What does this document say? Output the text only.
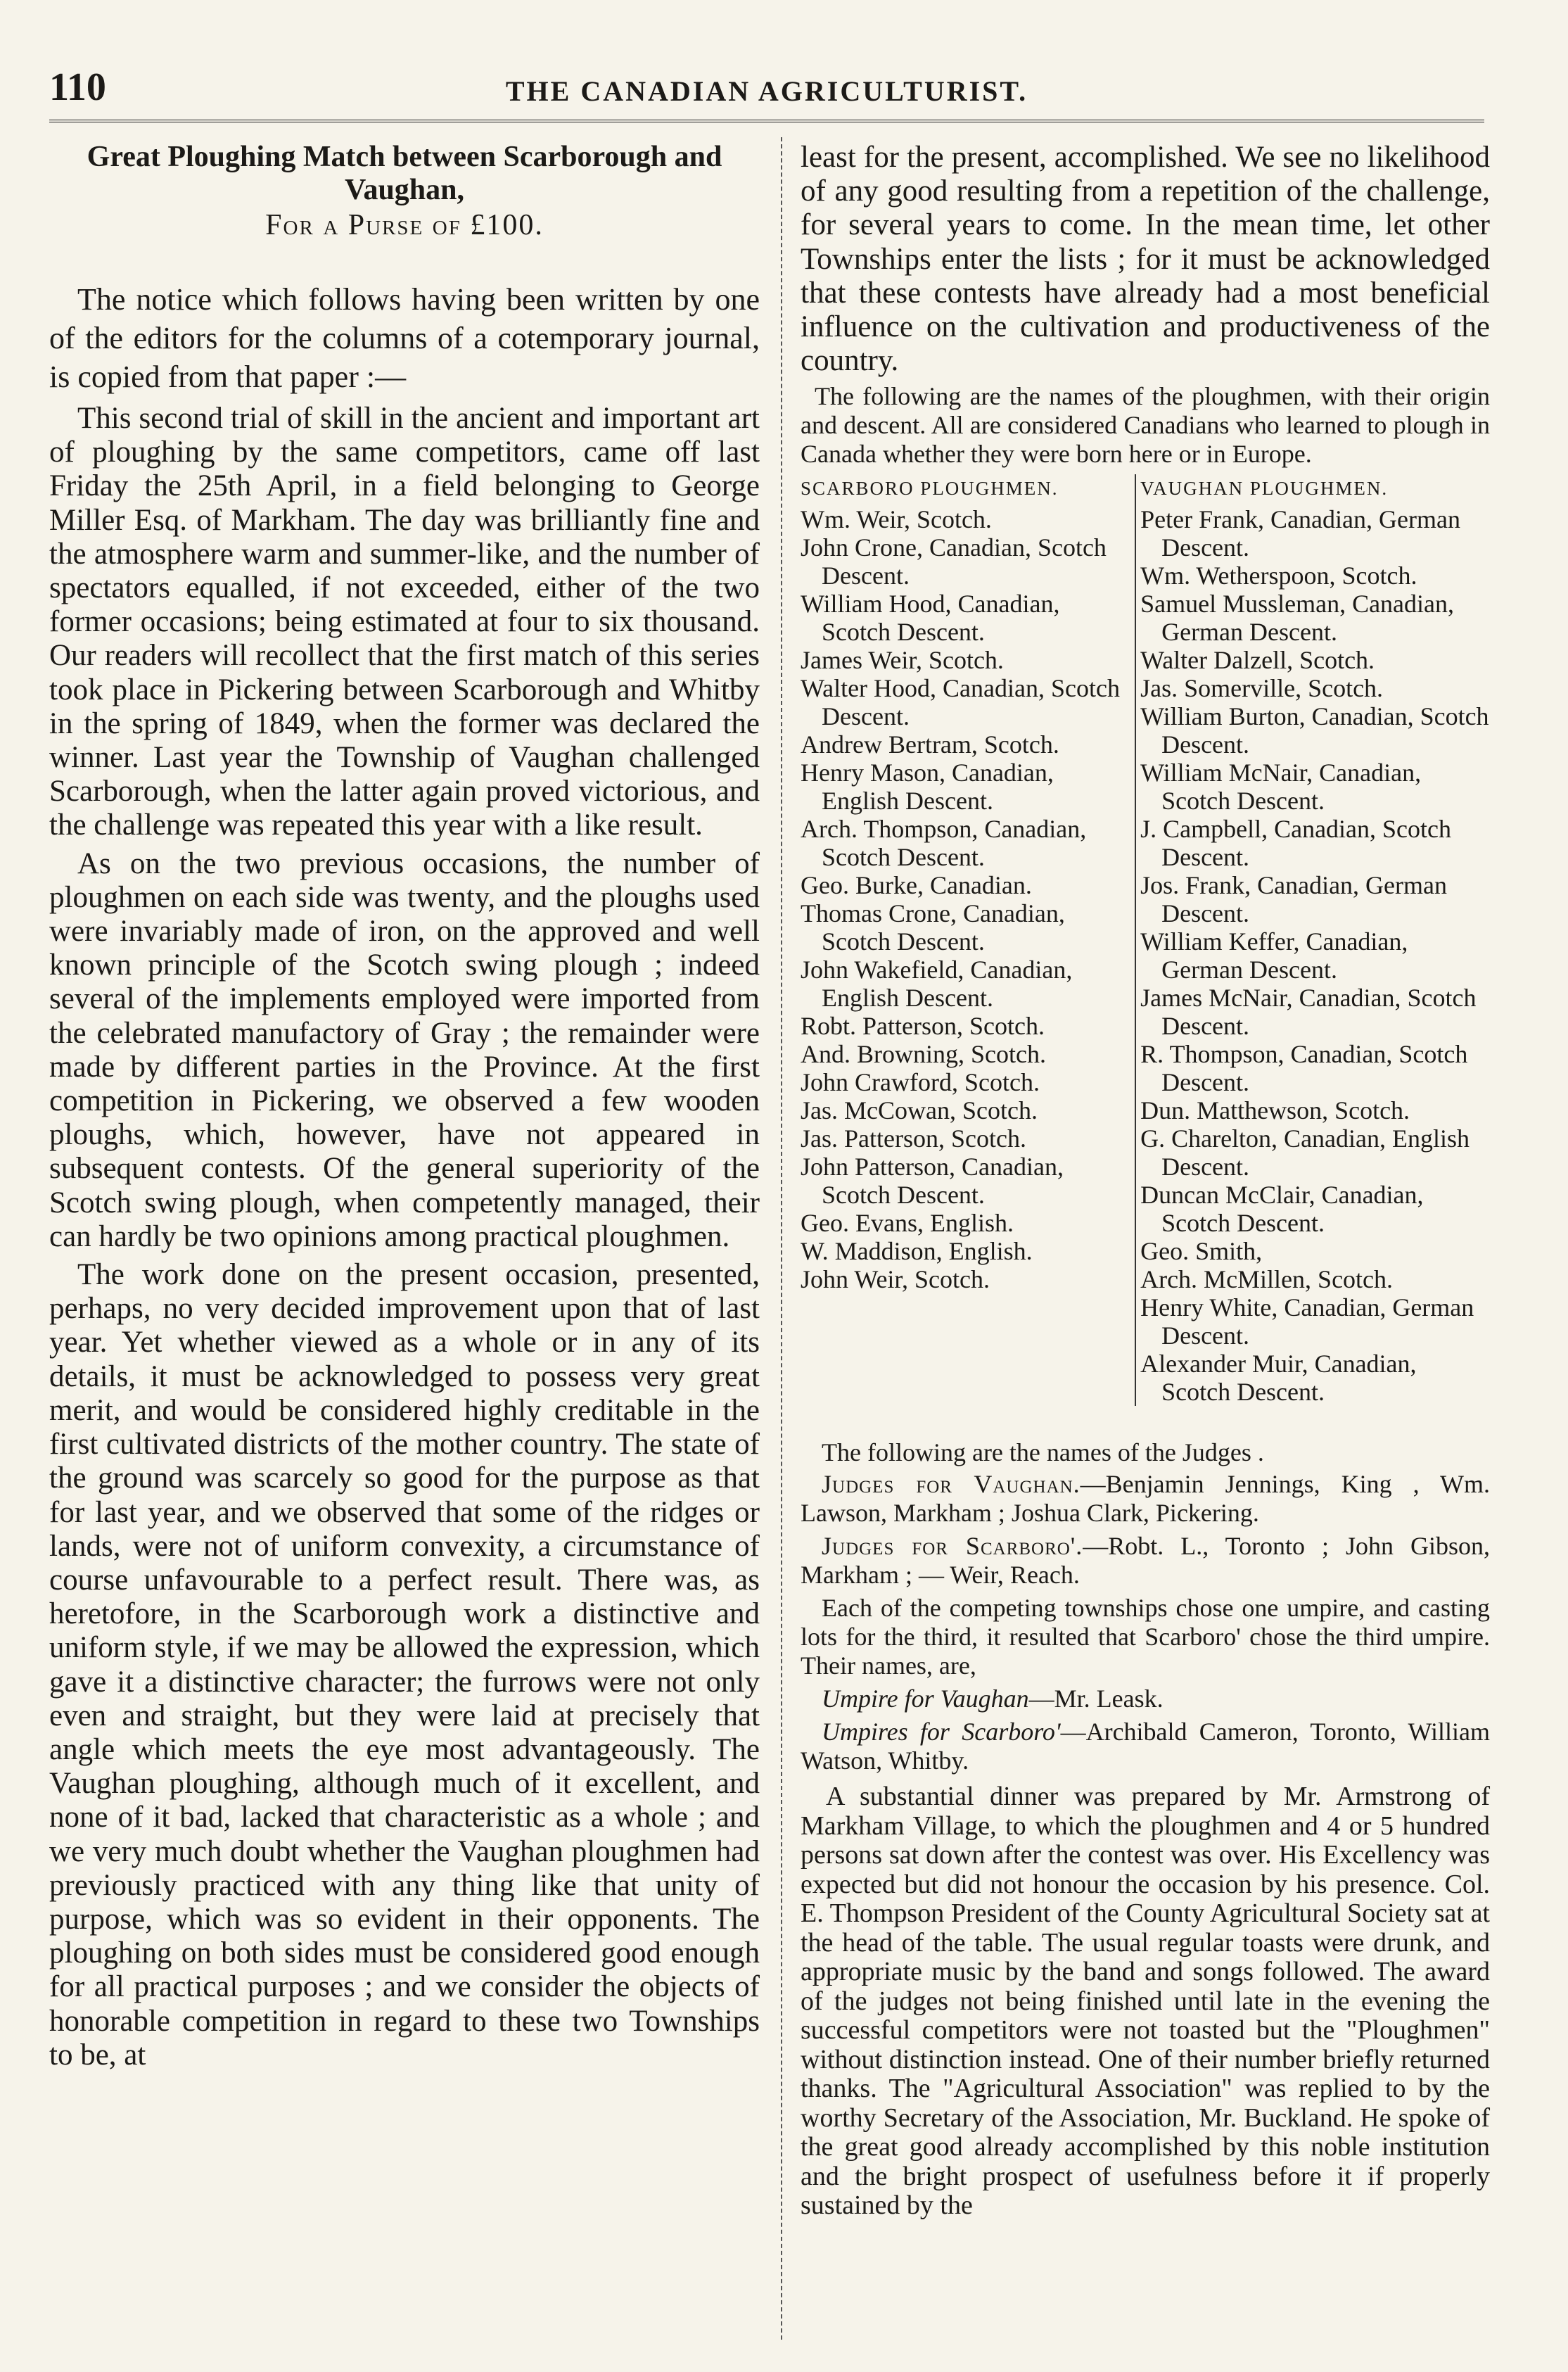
110	THE CANADIAN AGRICULTURIST.
Great Ploughing Match between Scarborough and Vaughan,
For a Purse of £100.

The notice which follows having been written by one of the editors for the columns of a cotemporary journal, is copied from that paper :—

This second trial of skill in the ancient and important art of ploughing by the same competitors, came off last Friday the 25th April, in a field belonging to George Miller Esq. of Markham. The day was brilliantly fine and the atmosphere warm and summer-like, and the number of spectators equalled, if not exceeded, either of the two former occasions; being estimated at four to six thousand. Our readers will recollect that the first match of this series took place in Pickering between Scarborough and Whitby in the spring of 1849, when the former was declared the winner. Last year the Township of Vaughan challenged Scarborough, when the latter again proved victorious, and the challenge was repeated this year with a like result.

As on the two previous occasions, the number of ploughmen on each side was twenty, and the ploughs used were invariably made of iron, on the approved and well known principle of the Scotch swing plough ; indeed several of the implements employed were imported from the celebrated manufactory of Gray ; the remainder were made by different parties in the Province. At the first competition in Pickering, we observed a few wooden ploughs, which, however, have not appeared in subsequent contests. Of the general superiority of the Scotch swing plough, when competently managed, their can hardly be two opinions among practical ploughmen.

The work done on the present occasion, presented, perhaps, no very decided improvement upon that of last year. Yet whether viewed as a whole or in any of its details, it must be acknowledged to possess very great merit, and would be considered highly creditable in the first cultivated districts of the mother country. The state of the ground was scarcely so good for the purpose as that for last year, and we observed that some of the ridges or lands, were not of uniform convexity, a circumstance of course unfavourable to a perfect result. There was, as heretofore, in the Scarborough work a distinctive and uniform style, if we may be allowed the expression, which gave it a distinctive character; the furrows were not only even and straight, but they were laid at precisely that angle which meets the eye most advantageously. The Vaughan ploughing, although much of it excellent, and none of it bad, lacked that characteristic as a whole ; and we very much doubt whether the Vaughan ploughmen had previously practiced with any thing like that unity of purpose, which was so evident in their opponents. The ploughing on both sides must be considered good enough for all practical purposes ; and we consider the objects of honorable competition in regard to these two Townships to be, at

least for the present, accomplished. We see no likelihood of any good resulting from a repetition of the challenge, for several years to come. In the mean time, let other Townships enter the lists ; for it must be acknowledged that these contests have already had a most beneficial influence on the cultivation and productiveness of the country.

The following are the names of the ploughmen, with their origin and descent. All are considered Canadians who learned to plough in Canada whether they were born here or in Europe.
SCARBORO PLOUGHMEN.
Wm. Weir, Scotch.
John Crone, Canadian, Scotch Descent.
William Hood, Canadian, Scotch Descent.
James Weir, Scotch.
Walter Hood, Canadian, Scotch Descent.
Andrew Bertram, Scotch.
Henry Mason, Canadian, English Descent.
Arch. Thompson, Canadian, Scotch Descent.
Geo. Burke, Canadian.
Thomas Crone, Canadian, Scotch Descent.
John Wakefield, Canadian, English Descent.
Robt. Patterson, Scotch.
And. Browning, Scotch.
John Crawford, Scotch.
Jas. McCowan, Scotch.
Jas. Patterson, Scotch.
John Patterson, Canadian, Scotch Descent.
Geo. Evans, English.
W. Maddison, English.
John Weir, Scotch.
VAUGHAN PLOUGHMEN.
Peter Frank, Canadian, German Descent.
Wm. Wetherspoon, Scotch.
Samuel Mussleman, Canadian, German Descent.
Walter Dalzell, Scotch.
Jas. Somerville, Scotch.
William Burton, Canadian, Scotch Descent.
William McNair, Canadian, Scotch Descent.
J. Campbell, Canadian, Scotch Descent.
Jos. Frank, Canadian, German Descent.
William Keffer, Canadian, German Descent.
James McNair, Canadian, Scotch Descent.
R. Thompson, Canadian, Scotch Descent.
Dun. Matthewson, Scotch.
G. Charelton, Canadian, English Descent.
Duncan McClair, Canadian, Scotch Descent.
Geo. Smith,
Arch. McMillen, Scotch.
Henry White, Canadian, German Descent.
Alexander Muir, Canadian, Scotch Descent.
The following are the names of the Judges .
Judges for Vaughan.—Benjamin Jennings, King , Wm. Lawson, Markham ; Joshua Clark, Pickering.
Judges for Scarboro'.—Robt. L., Toronto ; John Gibson, Markham ; — Weir, Reach.
Each of the competing townships chose one umpire, and casting lots for the third, it resulted that Scarboro' chose the third umpire. Their names, are,
Umpire for Vaughan—Mr. Leask.
Umpires for Scarboro'—Archibald Cameron, Toronto, William Watson, Whitby.

A substantial dinner was prepared by Mr. Armstrong of Markham Village, to which the ploughmen and 4 or 5 hundred persons sat down after the contest was over. His Excellency was expected but did not honour the occasion by his presence. Col. E. Thompson President of the County Agricultural Society sat at the head of the table. The usual regular toasts were drunk, and appropriate music by the band and songs followed. The award of the judges not being finished until late in the evening the successful competitors were not toasted but the "Ploughmen" without distinction instead. One of their number briefly returned thanks. The "Agricultural Association" was replied to by the worthy Secretary of the Association, Mr. Buckland. He spoke of the great good already accomplished by this noble institution and the bright prospect of usefulness before it if properly sustained by the
